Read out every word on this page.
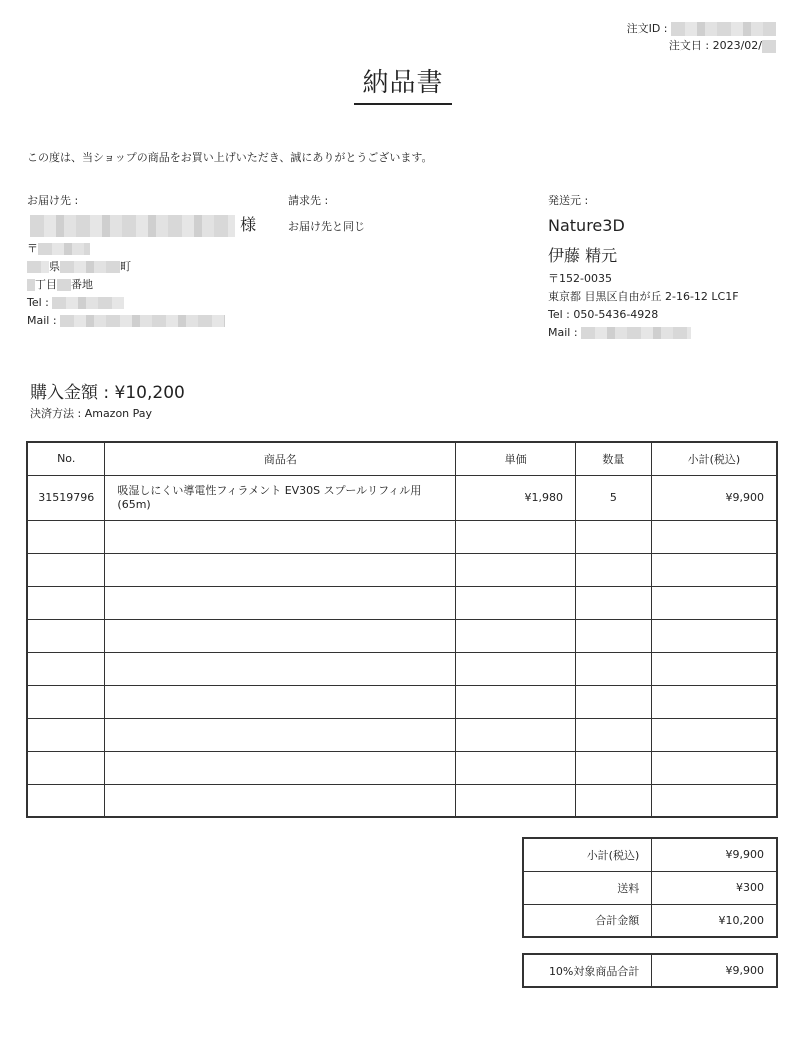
注文ID :
注文日 : 2023/02/
納品書
この度は、当ショップの商品をお買い上げいただき、誠にありがとうございます。
お届け先 :
様
〒
県	町
丁目 番地
Tel :
Mail :
請求先 :
お届け先と同じ
発送元 :
Nature3D
伊藤 精元
〒152-0035
東京都 目黒区自由が丘 2-16-12 LC1F
Tel : 050-5436-4928
Mail :
購入金額 : ¥10,200
決済方法 : Amazon Pay
No.	商品名	単価	数量	小計(税込)
31519796	吸湿しにくい導電性フィラメント EV30S スプールリフィル用 (65m)	¥1,980	5	¥9,900

小計(税込)	¥9,900
送料	¥300
合計金額	¥10,200
10%対象商品合計	¥9,900
